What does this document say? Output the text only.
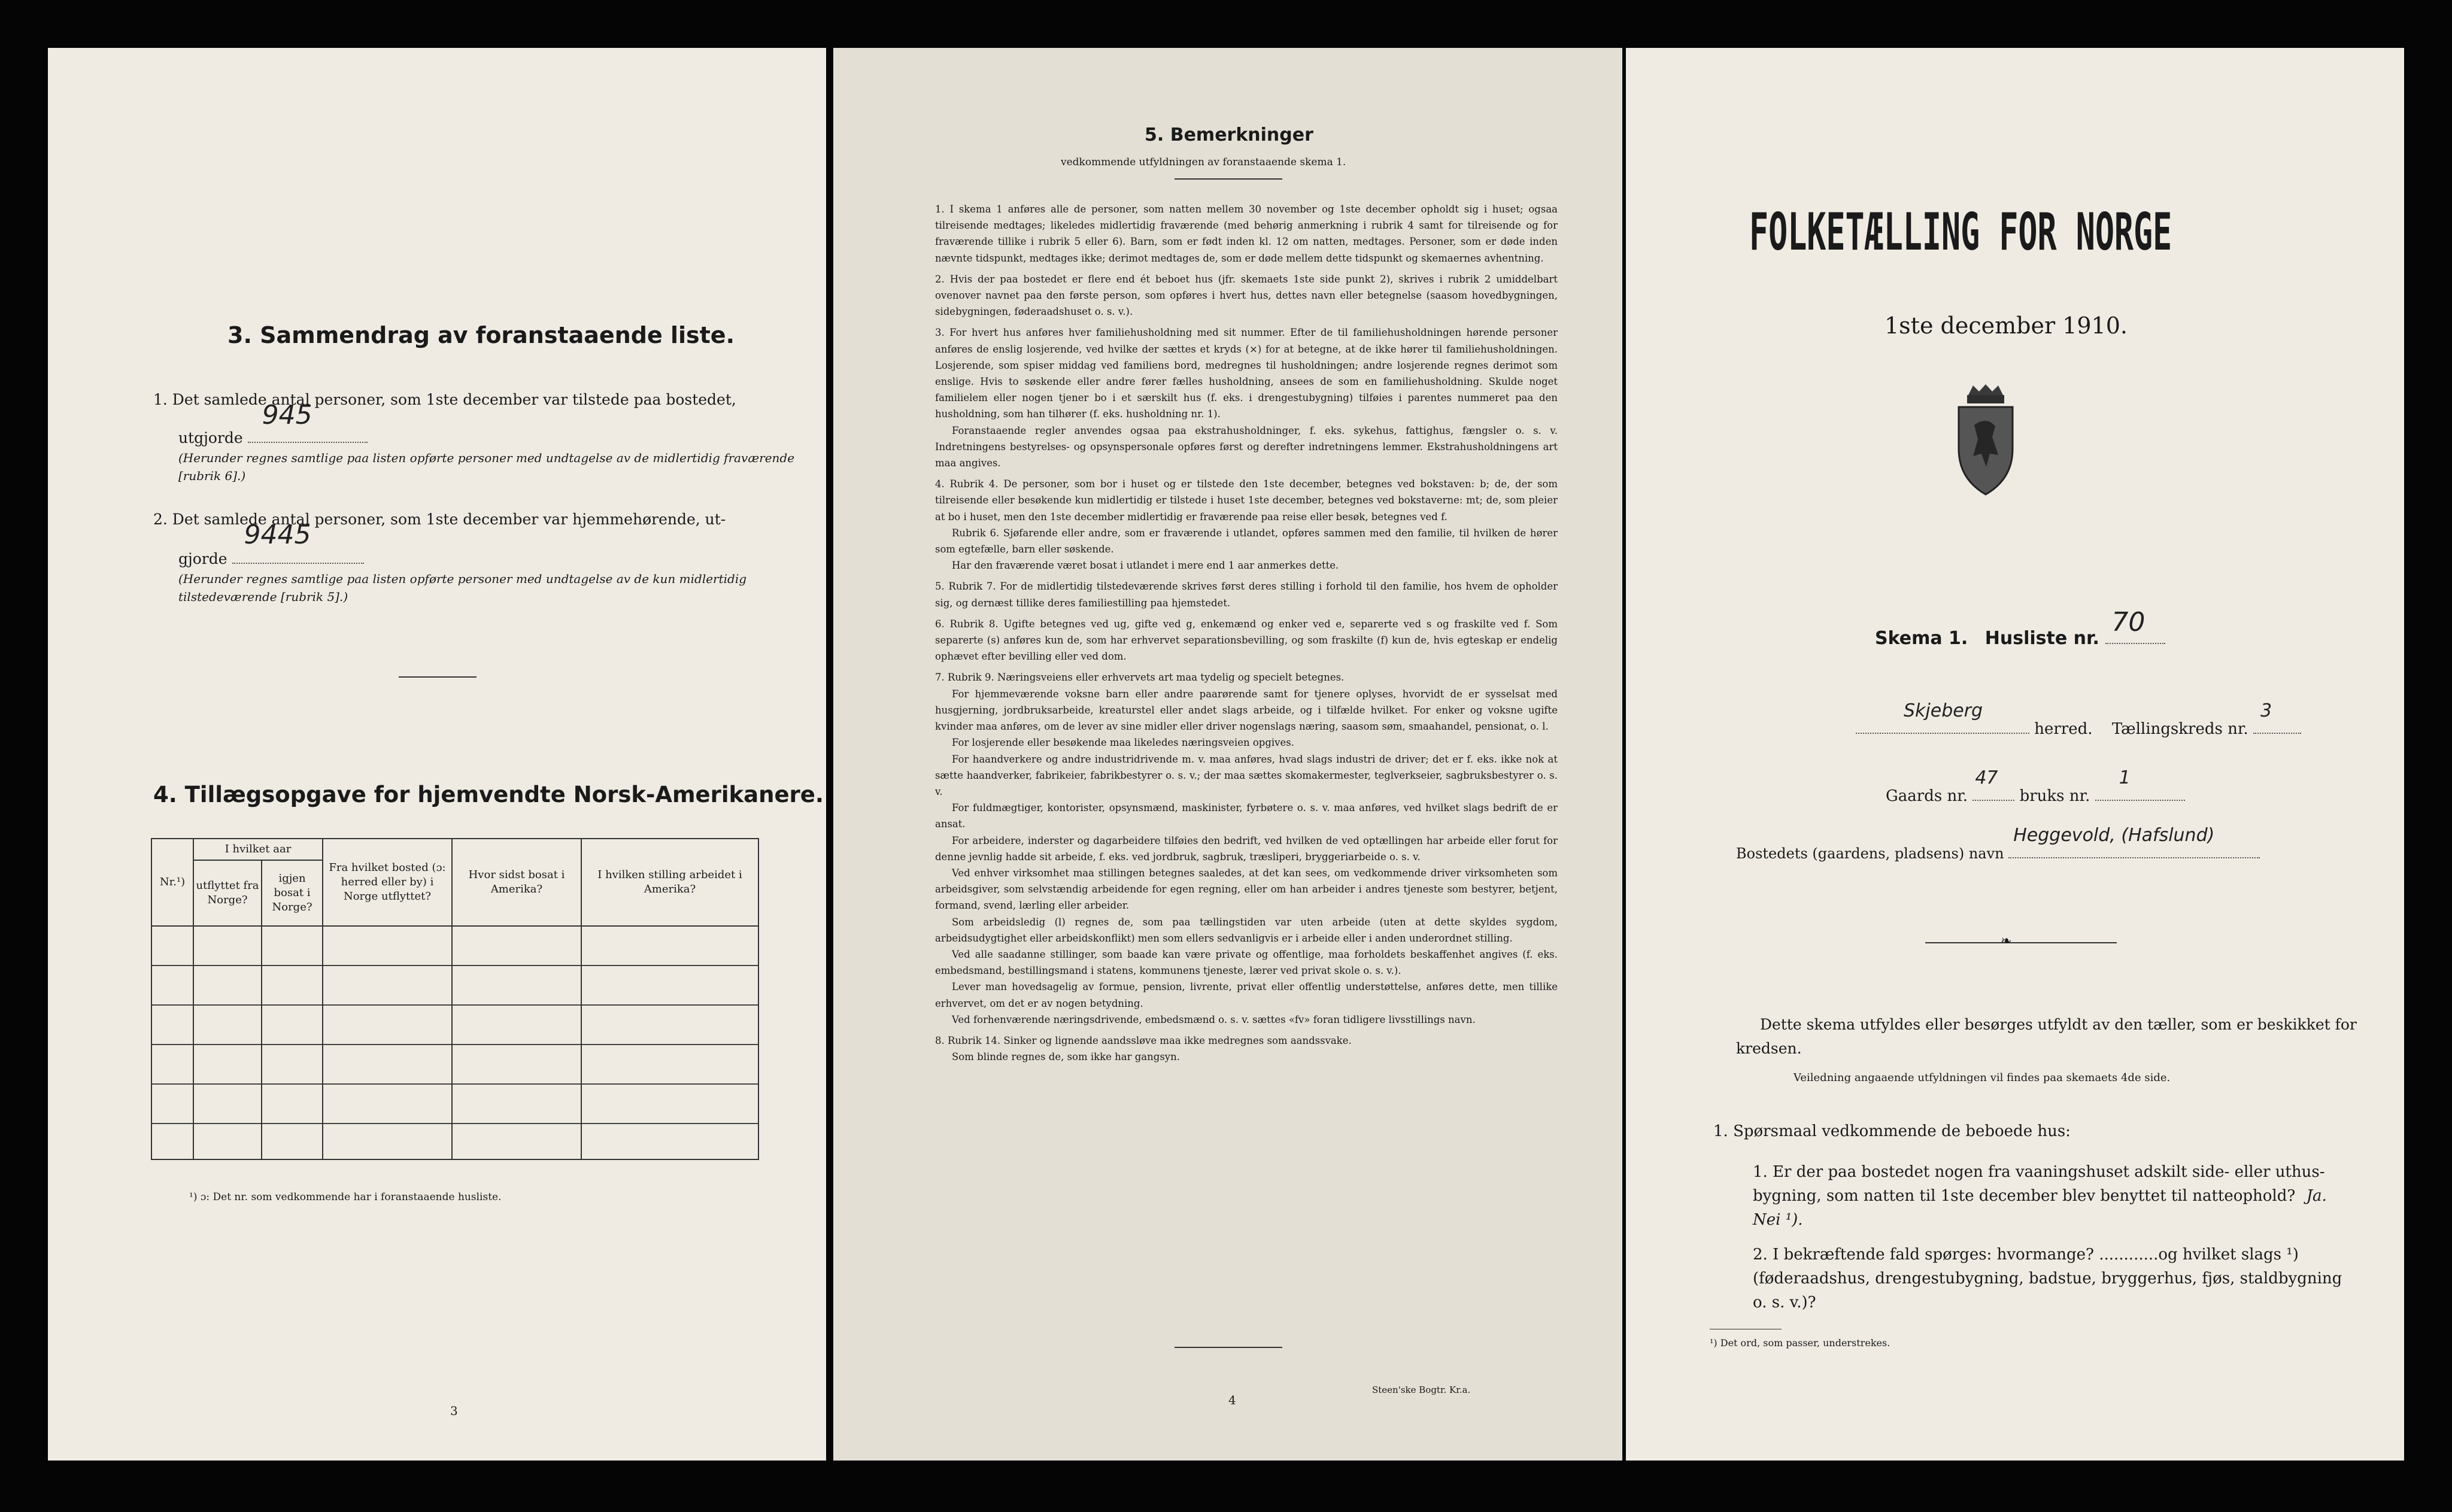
3. Sammendrag av foranstaaende liste.
1. Det samlede antal personer, som 1ste december var tilstede paa bostedet,
utgjorde
945
(Herunder regnes samtlige paa listen opførte personer med undtagelse av de midlertidig fraværende [rubrik 6].)
2. Det samlede antal personer, som 1ste december var hjemmehørende, ut-
gjorde
9445
(Herunder regnes samtlige paa listen opførte personer med undtagelse av de kun midlertidig tilstedeværende [rubrik 5].)
4. Tillægsopgave for hjemvendte Norsk-Amerikanere.
Nr.¹)	I hvilket aar		Fra hvilket bosted (ɔ: herred eller by) i Norge utflyttet?	Hvor sidst bosat i Amerika?	I hvilken stilling arbeidet i Amerika?
	utflyttet fra Norge?	igjen bosat i Norge?			

¹) ɔ: Det nr. som vedkommende har i foranstaaende husliste.
3
5. Bemerkninger
vedkommende utfyldningen av foranstaaende skema 1.

1. I skema 1 anføres alle de personer, som natten mellem 30 november og 1ste december opholdt sig i huset; ogsaa tilreisende medtages; likeledes midlertidig fraværende (med behørig anmerkning i rubrik 4 samt for tilreisende og for fraværende tillike i rubrik 5 eller 6). Barn, som er født inden kl. 12 om natten, medtages. Personer, som er døde inden nævnte tidspunkt, medtages ikke; derimot medtages de, som er døde mellem dette tidspunkt og skemaernes avhentning.

2. Hvis der paa bostedet er flere end ét beboet hus (jfr. skemaets 1ste side punkt 2), skrives i rubrik 2 umiddelbart ovenover navnet paa den første person, som opføres i hvert hus, dettes navn eller betegnelse (saasom hovedbygningen, sidebygningen, føderaadshuset o. s. v.).

3. For hvert hus anføres hver familiehusholdning med sit nummer. Efter de til familiehusholdningen hørende personer anføres de enslig losjerende, ved hvilke der sættes et kryds (×) for at betegne, at de ikke hører til familiehusholdningen. Losjerende, som spiser middag ved familiens bord, medregnes til husholdningen; andre losjerende regnes derimot som enslige. Hvis to søskende eller andre fører fælles husholdning, ansees de som en familiehusholdning. Skulde noget familielem eller nogen tjener bo i et særskilt hus (f. eks. i drengestubygning) tilføies i parentes nummeret paa den husholdning, som han tilhører (f. eks. husholdning nr. 1).

Foranstaaende regler anvendes ogsaa paa ekstrahusholdninger, f. eks. sykehus, fattighus, fængsler o. s. v. Indretningens bestyrelses- og opsynspersonale opføres først og derefter indretningens lemmer. Ekstrahusholdningens art maa angives.

4. Rubrik 4. De personer, som bor i huset og er tilstede den 1ste december, betegnes ved bokstaven: b; de, der som tilreisende eller besøkende kun midlertidig er tilstede i huset 1ste december, betegnes ved bokstaverne: mt; de, som pleier at bo i huset, men den 1ste december midlertidig er fraværende paa reise eller besøk, betegnes ved f.

Rubrik 6. Sjøfarende eller andre, som er fraværende i utlandet, opføres sammen med den familie, til hvilken de hører som egtefælle, barn eller søskende.

Har den fraværende været bosat i utlandet i mere end 1 aar anmerkes dette.

5. Rubrik 7. For de midlertidig tilstedeværende skrives først deres stilling i forhold til den familie, hos hvem de opholder sig, og dernæst tillike deres familiestilling paa hjemstedet.

6. Rubrik 8. Ugifte betegnes ved ug, gifte ved g, enkemænd og enker ved e, separerte ved s og fraskilte ved f. Som separerte (s) anføres kun de, som har erhvervet separationsbevilling, og som fraskilte (f) kun de, hvis egteskap er endelig ophævet efter bevilling eller ved dom.

7. Rubrik 9. Næringsveiens eller erhvervets art maa tydelig og specielt betegnes.

For hjemmeværende voksne barn eller andre paarørende samt for tjenere oplyses, hvorvidt de er sysselsat med husgjerning, jordbruksarbeide, kreaturstel eller andet slags arbeide, og i tilfælde hvilket. For enker og voksne ugifte kvinder maa anføres, om de lever av sine midler eller driver nogenslags næring, saasom søm, smaahandel, pensionat, o. l.

For losjerende eller besøkende maa likeledes næringsveien opgives.

For haandverkere og andre industridrivende m. v. maa anføres, hvad slags industri de driver; det er f. eks. ikke nok at sætte haandverker, fabrikeier, fabrikbestyrer o. s. v.; der maa sættes skomakermester, teglverkseier, sagbruksbestyrer o. s. v.

For fuldmægtiger, kontorister, opsynsmænd, maskinister, fyrbøtere o. s. v. maa anføres, ved hvilket slags bedrift de er ansat.

For arbeidere, inderster og dagarbeidere tilføies den bedrift, ved hvilken de ved optællingen har arbeide eller forut for denne jevnlig hadde sit arbeide, f. eks. ved jordbruk, sagbruk, træsliperi, bryggeriarbeide o. s. v.

Ved enhver virksomhet maa stillingen betegnes saaledes, at det kan sees, om vedkommende driver virksomheten som arbeidsgiver, som selvstændig arbeidende for egen regning, eller om han arbeider i andres tjeneste som bestyrer, betjent, formand, svend, lærling eller arbeider.

Som arbeidsledig (l) regnes de, som paa tællingstiden var uten arbeide (uten at dette skyldes sygdom, arbeidsudygtighet eller arbeidskonflikt) men som ellers sedvanligvis er i arbeide eller i anden underordnet stilling.

Ved alle saadanne stillinger, som baade kan være private og offentlige, maa forholdets beskaffenhet angives (f. eks. embedsmand, bestillingsmand i statens, kommunens tjeneste, lærer ved privat skole o. s. v.).

Lever man hovedsagelig av formue, pension, livrente, privat eller offentlig understøttelse, anføres dette, men tillike erhvervet, om det er av nogen betydning.

Ved forhenværende næringsdrivende, embedsmænd o. s. v. sættes «fv» foran tidligere livsstillings navn.

8. Rubrik 14. Sinker og lignende aandssløve maa ikke medregnes som aandssvake.

Som blinde regnes de, som ikke har gangsyn.

4
Steen'ske Bogtr. Kr.a.
FOLKETÆLLING FOR NORGE
1ste december 1910.
Skema 1. Husliste nr.
70
Skjeberg
herred. Tællingskreds nr.
3
Gaards nr.
47
bruks nr.
1
Bostedets (gaardens, pladsens) navn
Heggevold, (Hafslund)
❧
Dette skema utfyldes eller besørges utfyldt av den tæller, som er beskikket for kredsen.
Veiledning angaaende utfyldningen vil findes paa skemaets 4de side.
1. Spørsmaal vedkommende de beboede hus:
1. Er der paa bostedet nogen fra vaaningshuset adskilt side- eller uthus-bygning, som natten til 1ste december blev benyttet til natteophold? Ja. Nei ¹).
2. I bekræftende fald spørges: hvormange? ............og hvilket slags ¹) (føderaadshus, drengestubygning, badstue, bryggerhus, fjøs, staldbygning o. s. v.)?
¹) Det ord, som passer, understrekes.
